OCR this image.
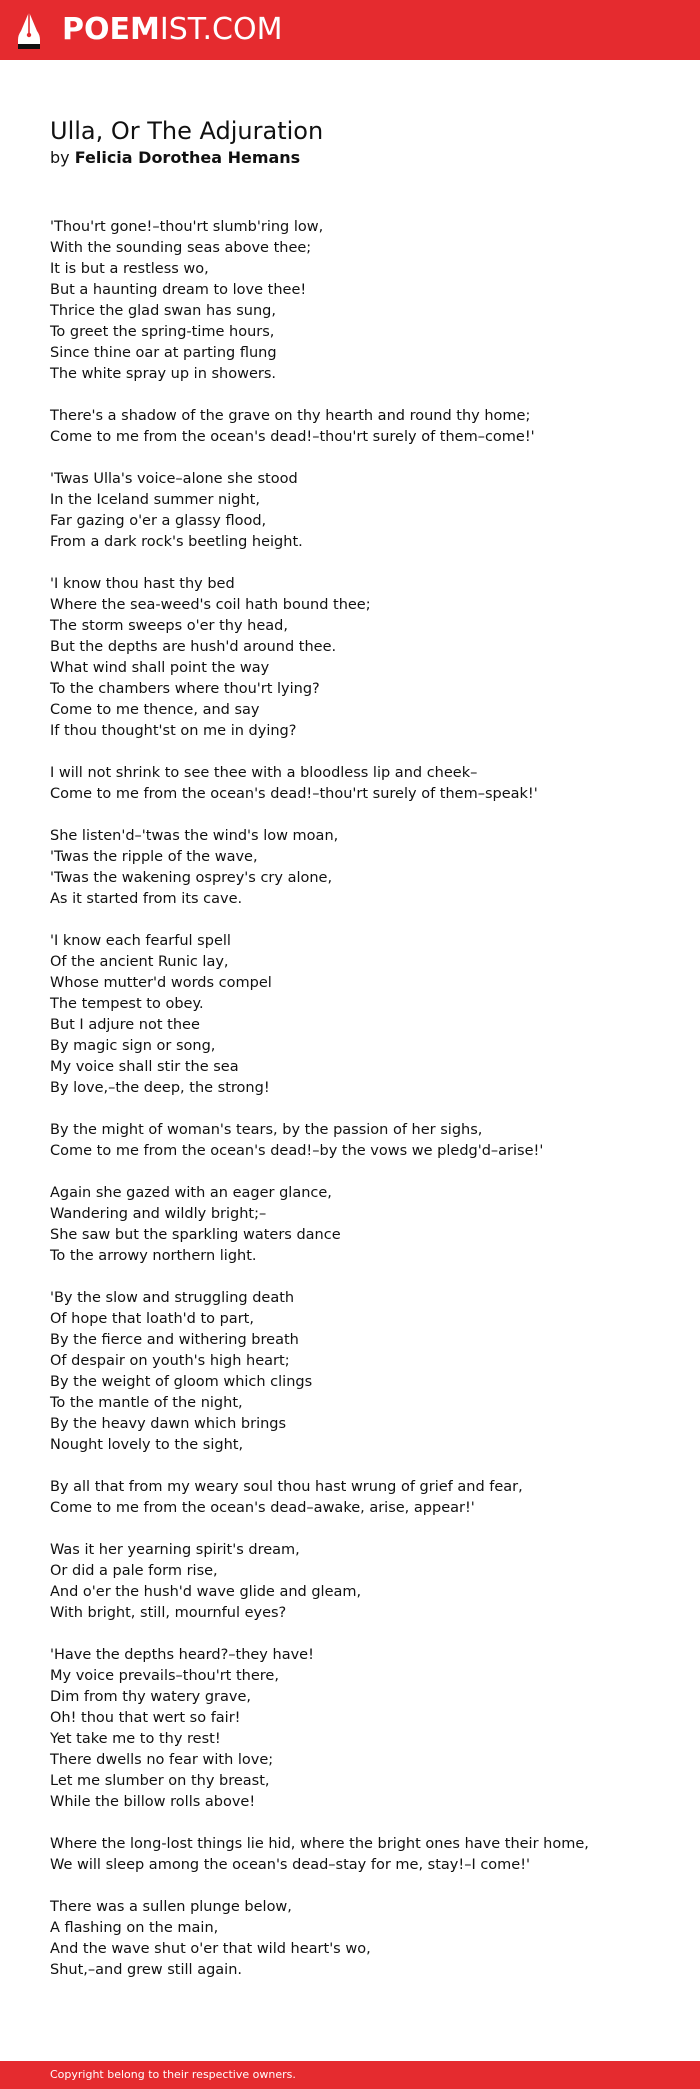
POEMIST.COM
Ulla, Or The Adjuration
by Felicia Dorothea Hemans
'Thou'rt gone!–thou'rt slumb'ring low,
With the sounding seas above thee;
It is but a restless wo,
But a haunting dream to love thee!
Thrice the glad swan has sung,
To greet the spring-time hours,
Since thine oar at parting flung
The white spray up in showers.
There's a shadow of the grave on thy hearth and round thy home;
Come to me from the ocean's dead!–thou'rt surely of them–come!'
'Twas Ulla's voice–alone she stood
In the Iceland summer night,
Far gazing o'er a glassy flood,
From a dark rock's beetling height.
'I know thou hast thy bed
Where the sea-weed's coil hath bound thee;
The storm sweeps o'er thy head,
But the depths are hush'd around thee.
What wind shall point the way
To the chambers where thou'rt lying?
Come to me thence, and say
If thou thought'st on me in dying?
I will not shrink to see thee with a bloodless lip and cheek–
Come to me from the ocean's dead!–thou'rt surely of them–speak!'
She listen'd–'twas the wind's low moan,
'Twas the ripple of the wave,
'Twas the wakening osprey's cry alone,
As it started from its cave.
'I know each fearful spell
Of the ancient Runic lay,
Whose mutter'd words compel
The tempest to obey.
But I adjure not thee
By magic sign or song,
My voice shall stir the sea
By love,–the deep, the strong!
By the might of woman's tears, by the passion of her sighs,
Come to me from the ocean's dead!–by the vows we pledg'd–arise!'
Again she gazed with an eager glance,
Wandering and wildly bright;–
She saw but the sparkling waters dance
To the arrowy northern light.
'By the slow and struggling death
Of hope that loath'd to part,
By the fierce and withering breath
Of despair on youth's high heart;
By the weight of gloom which clings
To the mantle of the night,
By the heavy dawn which brings
Nought lovely to the sight,
By all that from my weary soul thou hast wrung of grief and fear,
Come to me from the ocean's dead–awake, arise, appear!'
Was it her yearning spirit's dream,
Or did a pale form rise,
And o'er the hush'd wave glide and gleam,
With bright, still, mournful eyes?
'Have the depths heard?–they have!
My voice prevails–thou'rt there,
Dim from thy watery grave,
Oh! thou that wert so fair!
Yet take me to thy rest!
There dwells no fear with love;
Let me slumber on thy breast,
While the billow rolls above!
Where the long-lost things lie hid, where the bright ones have their home,
We will sleep among the ocean's dead–stay for me, stay!–I come!'
There was a sullen plunge below,
A flashing on the main,
And the wave shut o'er that wild heart's wo,
Shut,–and grew still again.
Copyright belong to their respective owners.
